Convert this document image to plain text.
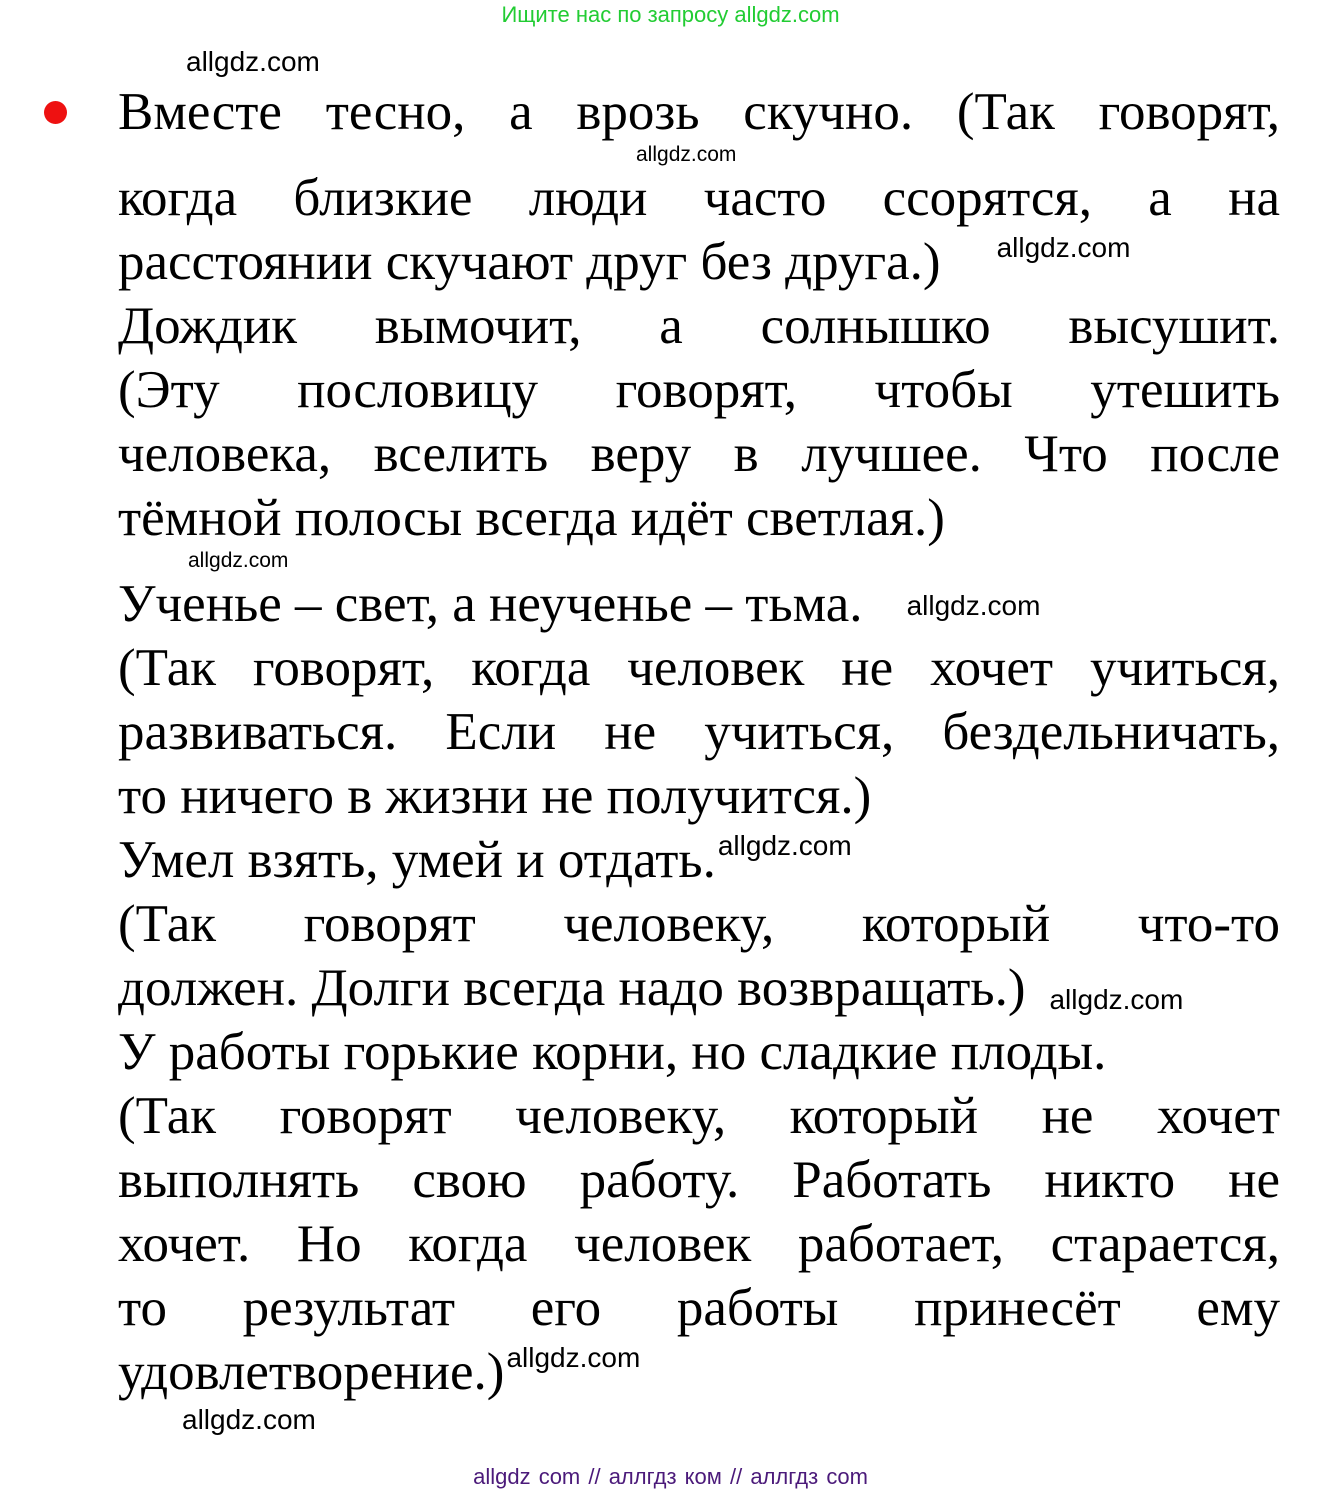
Ищите нас по запросу allgdz.com
allgdz.com
Вместе тесно, а врозь скучно. (Так говорят,
allgdz.com
когда близкие люди часто ссорятся, а на
расстоянии скучают друг без друга.) allgdz.com
Дождик вымочит, а солнышко высушит.
(Эту пословицу говорят, чтобы утешить
человека, вселить веру в лучшее. Что после
тёмной полосы всегда идёт светлая.)
allgdz.com
Ученье – свет, а неученье – тьма. allgdz.com
(Так говорят, когда человек не хочет учиться,
развиваться. Если не учиться, бездельничать,
то ничего в жизни не получится.)
Умел взять, умей и отдать.allgdz.com
(Так говорят человеку, который что-то
должен. Долги всегда надо возвращать.) allgdz.com
У работы горькие корни, но сладкие плоды.
(Так говорят человеку, который не хочет
выполнять свою работу. Работать никто не
хочет. Но когда человек работает, старается,
то результат его работы принесёт ему
удовлетворение.)allgdz.com
allgdz.com
allgdz com // аллгдз ком // аллгдз com
